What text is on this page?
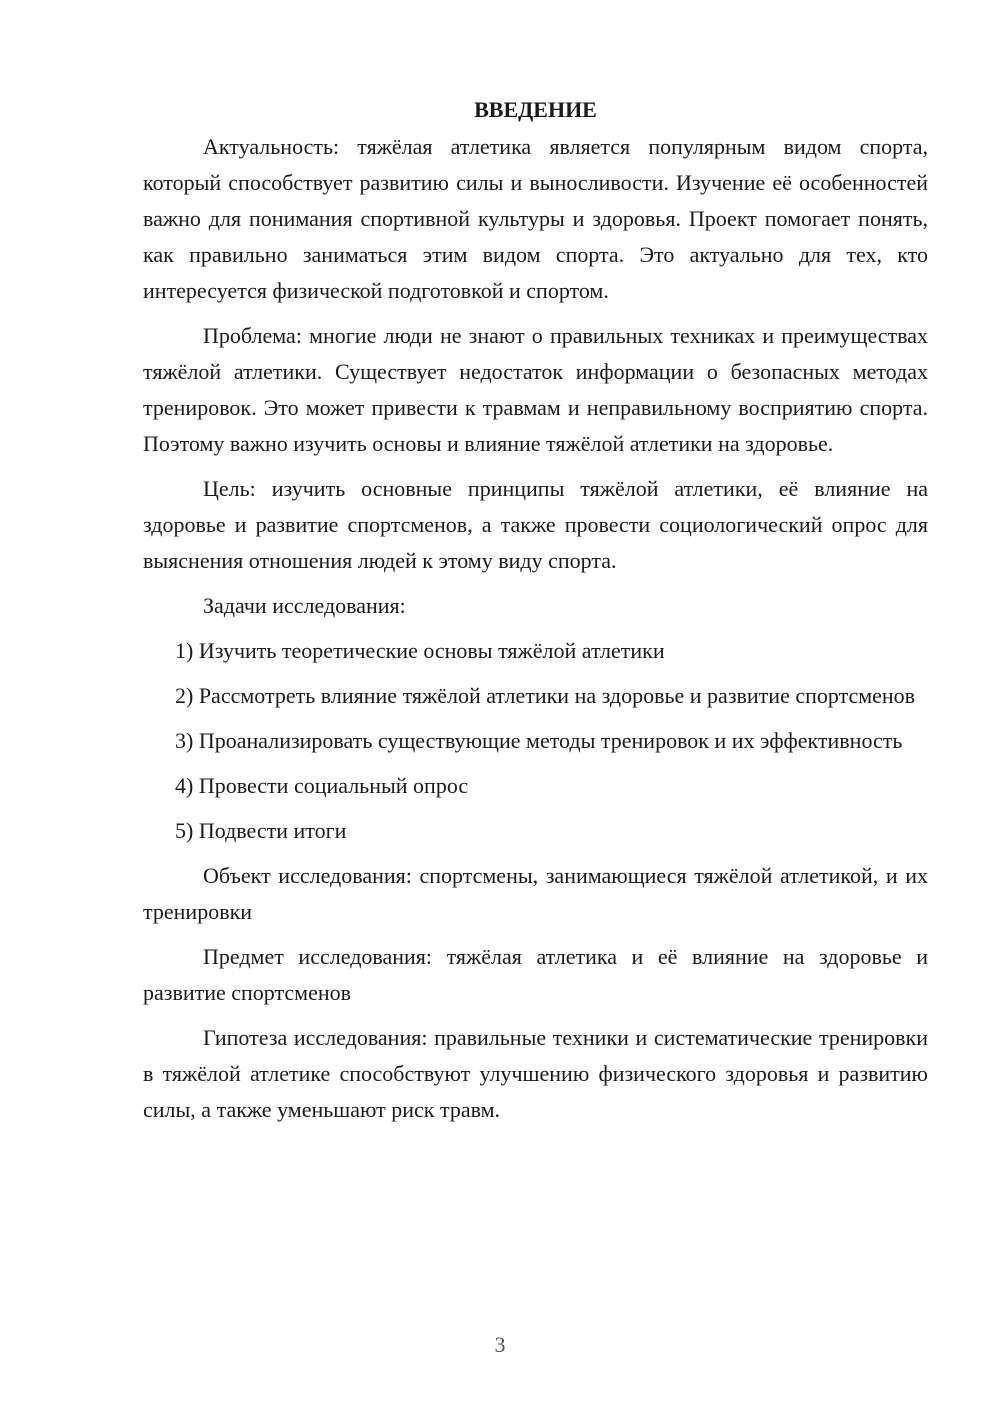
ВВЕДЕНИЕ

Актуальность: тяжёлая атлетика является популярным видом спорта, который способствует развитию силы и выносливости. Изучение её особенностей важно для понимания спортивной культуры и здоровья. Проект помогает понять, как правильно заниматься этим видом спорта. Это актуально для тех, кто интересуется физической подготовкой и спортом.

Проблема: многие люди не знают о правильных техниках и преимуществах тяжёлой атлетики. Существует недостаток информации о безопасных методах тренировок. Это может привести к травмам и неправильному восприятию спорта. Поэтому важно изучить основы и влияние тяжёлой атлетики на здоровье.

Цель: изучить основные принципы тяжёлой атлетики, её влияние на здоровье и развитие спортсменов, а также провести социологический опрос для выяснения отношения людей к этому виду спорта.

Задачи исследования:

1) Изучить теоретические основы тяжёлой атлетики

2) Рассмотреть влияние тяжёлой атлетики на здоровье и развитие спортсменов

3) Проанализировать существующие методы тренировок и их эффективность

4) Провести социальный опрос

5) Подвести итоги

Объект исследования: спортсмены, занимающиеся тяжёлой атлетикой, и их тренировки

Предмет исследования: тяжёлая атлетика и её влияние на здоровье и развитие спортсменов

Гипотеза исследования: правильные техники и систематические тренировки в тяжёлой атлетике способствуют улучшению физического здоровья и развитию силы, а также уменьшают риск травм.

3
